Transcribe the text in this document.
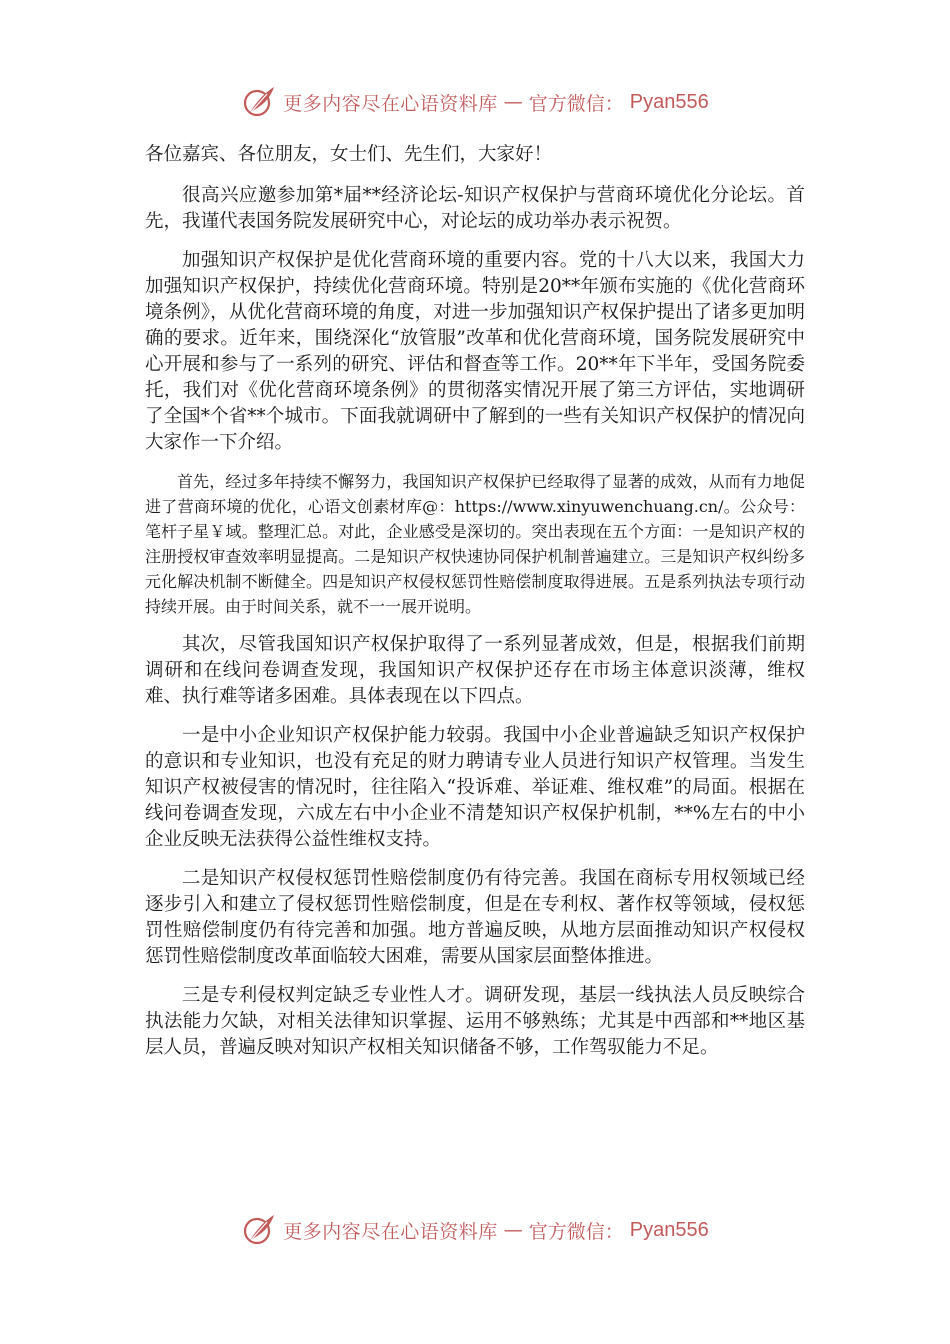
更多内容尽在心语资料库 — 官方微信： Pyan556

各位嘉宾、各位朋友，女士们、先生们，大家好！

很高兴应邀参加第*届**经济论坛-知识产权保护与营商环境优化分论坛。首先，我谨代表国务院发展研究中心，对论坛的成功举办表示祝贺。

加强知识产权保护是优化营商环境的重要内容。党的十八大以来，我国大力加强知识产权保护，持续优化营商环境。特别是20**年颁布实施的《优化营商环境条例》，从优化营商环境的角度，对进一步加强知识产权保护提出了诸多更加明确的要求。近年来，围绕深化“放管服”改革和优化营商环境，国务院发展研究中心开展和参与了一系列的研究、评估和督查等工作。20**年下半年，受国务院委托，我们对《优化营商环境条例》的贯彻落实情况开展了第三方评估，实地调研了全国*个省**个城市。下面我就调研中了解到的一些有关知识产权保护的情况向大家作一下介绍。

首先，经过多年持续不懈努力，我国知识产权保护已经取得了显著的成效，从而有力地促进了营商环境的优化，心语文创素材库@：https://www.xinyuwenchuang.cn/。公众号：笔杆子星￥域。整理汇总。对此，企业感受是深切的。突出表现在五个方面：一是知识产权的注册授权审查效率明显提高。二是知识产权快速协同保护机制普遍建立。三是知识产权纠纷多元化解决机制不断健全。四是知识产权侵权惩罚性赔偿制度取得进展。五是系列执法专项行动持续开展。由于时间关系，就不一一展开说明。

其次，尽管我国知识产权保护取得了一系列显著成效，但是，根据我们前期调研和在线问卷调查发现，我国知识产权保护还存在市场主体意识淡薄，维权难、执行难等诸多困难。具体表现在以下四点。

一是中小企业知识产权保护能力较弱。我国中小企业普遍缺乏知识产权保护的意识和专业知识，也没有充足的财力聘请专业人员进行知识产权管理。当发生知识产权被侵害的情况时，往往陷入“投诉难、举证难、维权难”的局面。根据在线问卷调查发现，六成左右中小企业不清楚知识产权保护机制，**%左右的中小企业反映无法获得公益性维权支持。

二是知识产权侵权惩罚性赔偿制度仍有待完善。我国在商标专用权领域已经逐步引入和建立了侵权惩罚性赔偿制度，但是在专利权、著作权等领域，侵权惩罚性赔偿制度仍有待完善和加强。地方普遍反映，从地方层面推动知识产权侵权惩罚性赔偿制度改革面临较大困难，需要从国家层面整体推进。

三是专利侵权判定缺乏专业性人才。调研发现，基层一线执法人员反映综合执法能力欠缺，对相关法律知识掌握、运用不够熟练；尤其是中西部和**地区基层人员，普遍反映对知识产权相关知识储备不够，工作驾驭能力不足。

更多内容尽在心语资料库 — 官方微信： Pyan556
